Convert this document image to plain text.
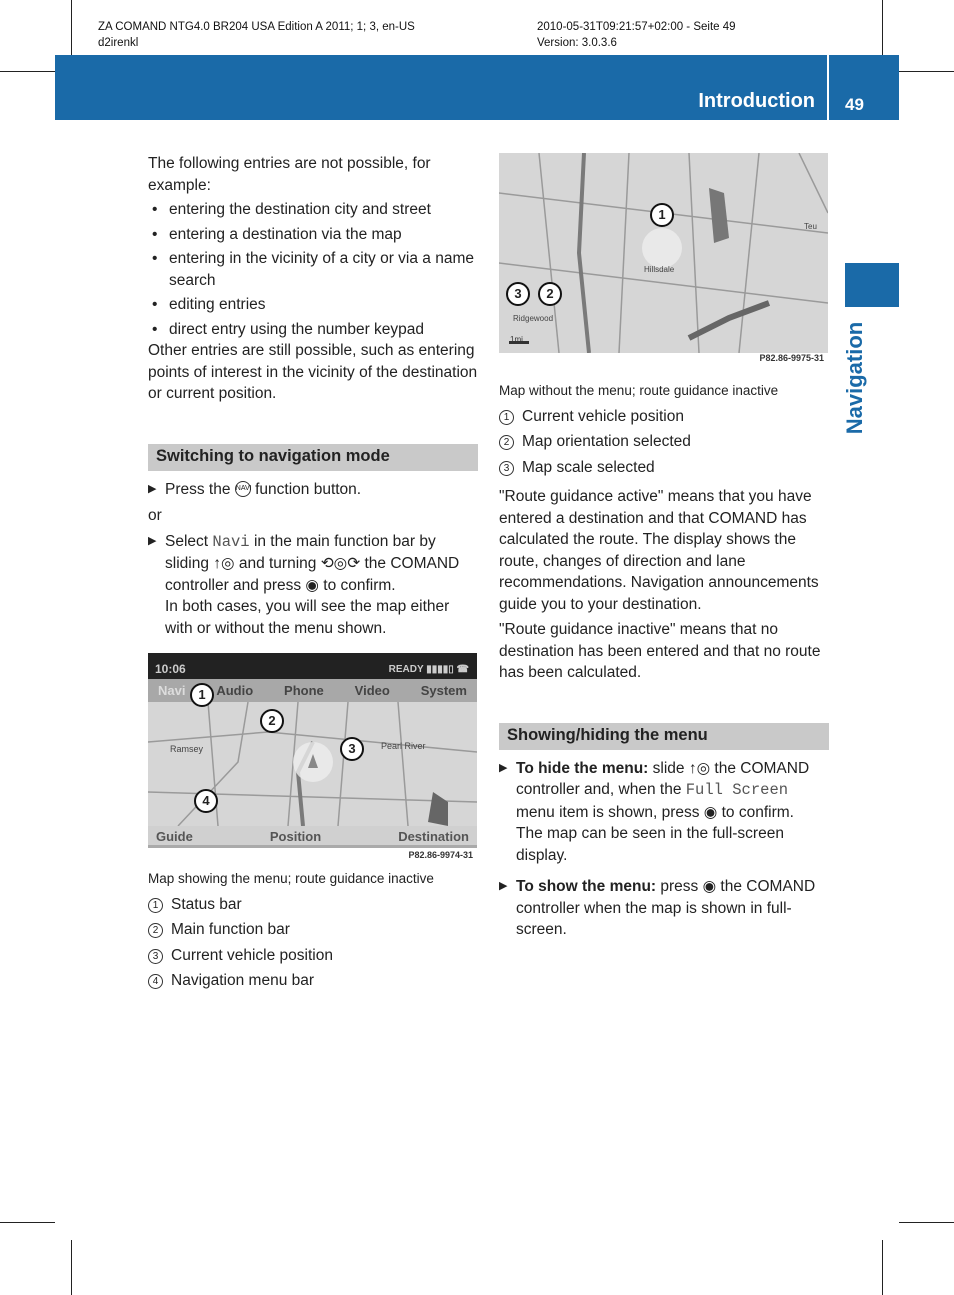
ZA COMAND NTG4.0 BR204 USA Edition A 2011; 1; 3, en-US
d2irenkl
2010-05-31T09:21:57+02:00 - Seite 49
Version: 3.0.3.6
Introduction 49
Navigation

The following entries are not possible, for example:

• entering the destination city and street
• entering a destination via the map
• entering in the vicinity of a city or via a name search
• editing entries
• direct entry using the number keypad

Other entries are still possible, such as entering points of interest in the vicinity of the destination or current position.

Switching to navigation mode
▶ Press the NAVI function button.

or

▶ Select Navi in the main function bar by sliding ↑◎ and turning ⟲◎⟳ the COMAND controller and press ◉ to confirm.
In both cases, you will see the map either with or without the menu shown.
10:06	READY ▮▮▮▮▯ ☎
Navi Audio Phone Video System
Ramsey	Pearl River
Guide	Position	Destination
1
2
3
4
P82.86-9974-31

Map showing the menu; route guidance inactive

1 Status bar
2 Main function bar
3 Current vehicle position
4 Navigation menu bar
Hillsdale
Ridgewood
Teu
1mi
1
3	2
P82.86-9975-31

Map without the menu; route guidance inactive

1 Current vehicle position
2 Map orientation selected
3 Map scale selected

"Route guidance active" means that you have entered a destination and that COMAND has calculated the route. The display shows the route, changes of direction and lane recommendations. Navigation announcements guide you to your destination.

"Route guidance inactive" means that no destination has been entered and that no route has been calculated.

Showing/hiding the menu
▶ To hide the menu: slide ↑◎ the COMAND controller and, when the Full Screen menu item is shown, press ◉ to confirm.
The map can be seen in the full-screen display.
▶ To show the menu: press ◉ the COMAND controller when the map is shown in full-screen.
